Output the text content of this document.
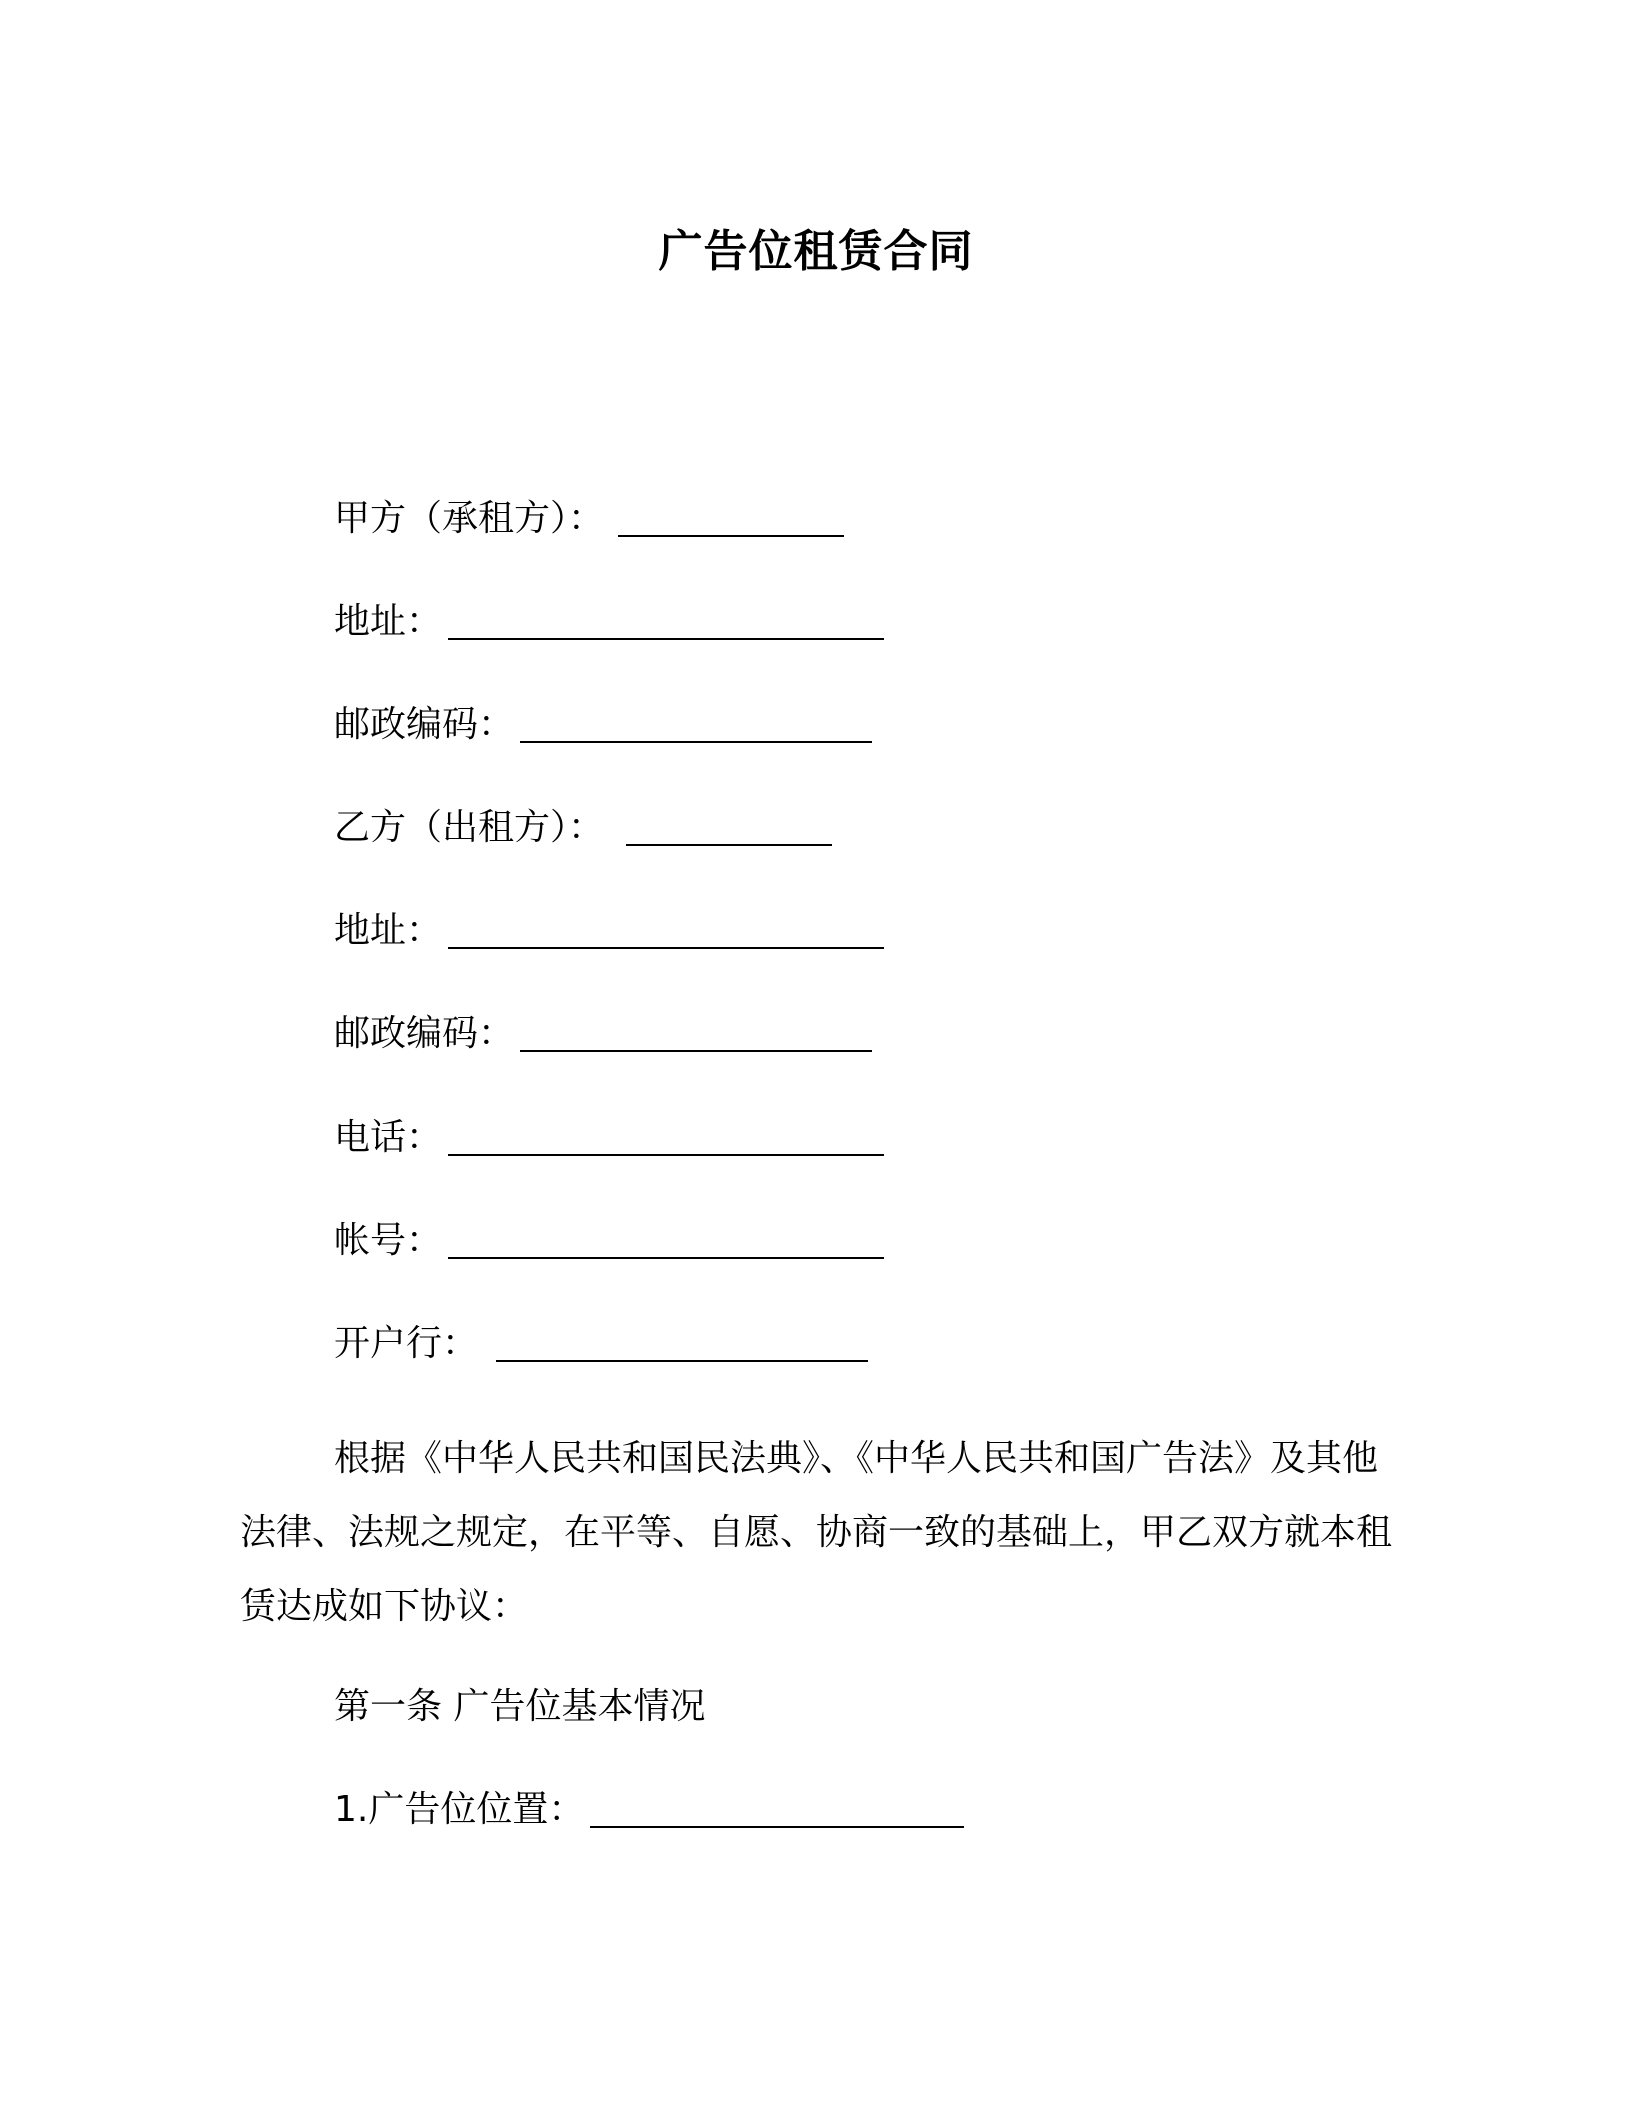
广告位租赁合同
甲方（承租方）：
地址：
邮政编码：
乙方（出租方）：
地址：
邮政编码：
电话：
帐号：
开户行：

根据《中华人民共和国民法典》、《中华人民共和国广告法》及其他法律、法规之规定，在平等、自愿、协商一致的基础上，甲乙双方就本租赁达成如下协议：

第一条 广告位基本情况
1.广告位位置：
